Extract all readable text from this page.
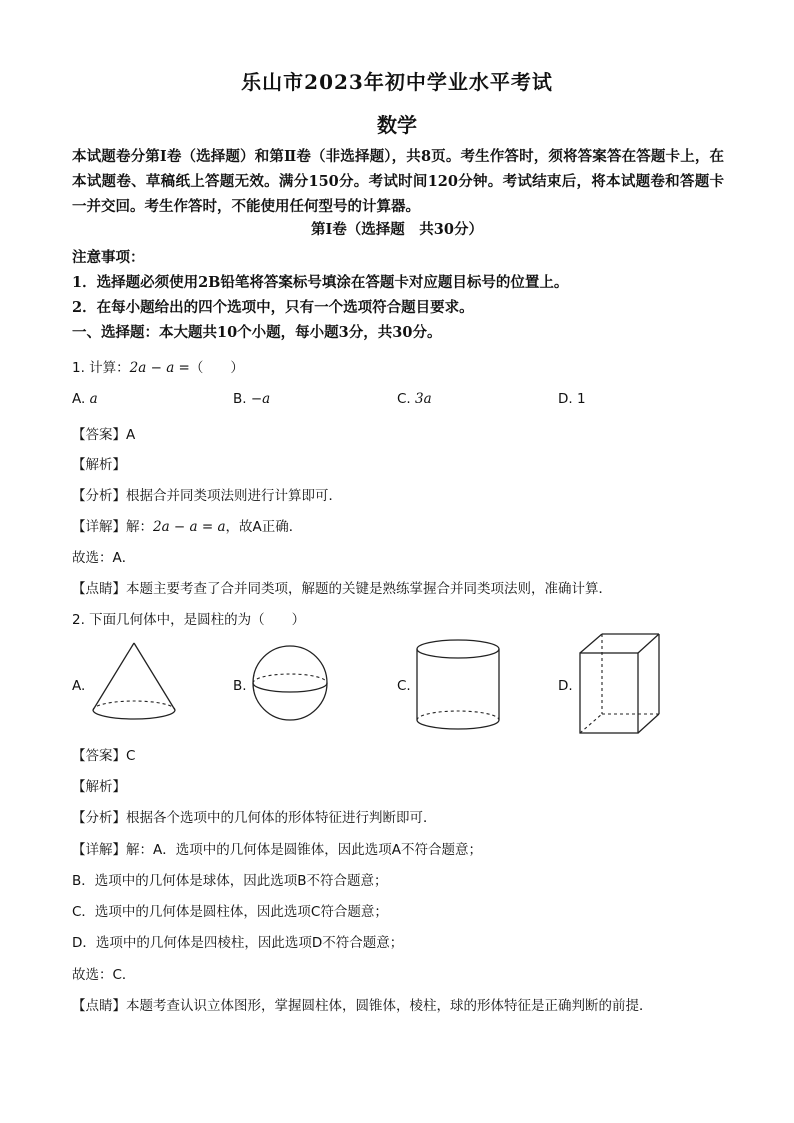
乐山市2023年初中学业水平考试
数学
本试题卷分第Ⅰ卷（选择题）和第Ⅱ卷（非选择题），共8页。考生作答时，须将答案答在答题卡上，在本试题卷、草稿纸上答题无效。满分150分。考试时间120分钟。考试结束后，将本试题卷和答题卡一并交回。考生作答时，不能使用任何型号的计算器。
第Ⅰ卷（选择题　共30分）
注意事项：
1．选择题必须使用2B铅笔将答案标号填涂在答题卡对应题目标号的位置上。
2．在每小题给出的四个选项中，只有一个选项符合题目要求。
一、选择题：本大题共10个小题，每小题3分，共30分。
1. 计算：2a − a =（　　）
A. a	B. −a	C. 3a	D. 1
【答案】A
【解析】
【分析】根据合并同类项法则进行计算即可．
【详解】解：2a − a = a，故A正确．
故选：A．
【点睛】本题主要考查了合并同类项，解题的关键是熟练掌握合并同类项法则，准确计算．
2. 下面几何体中，是圆柱的为（　　）
A.	B.	C.	D.
【答案】C
【解析】
【分析】根据各个选项中的几何体的形体特征进行判断即可．
【详解】解：A．选项中的几何体是圆锥体，因此选项A不符合题意；
B．选项中的几何体是球体，因此选项B不符合题意；
C．选项中的几何体是圆柱体，因此选项C符合题意；
D．选项中的几何体是四棱柱，因此选项D不符合题意；
故选：C．
【点睛】本题考查认识立体图形，掌握圆柱体，圆锥体，棱柱，球的形体特征是正确判断的前提．
